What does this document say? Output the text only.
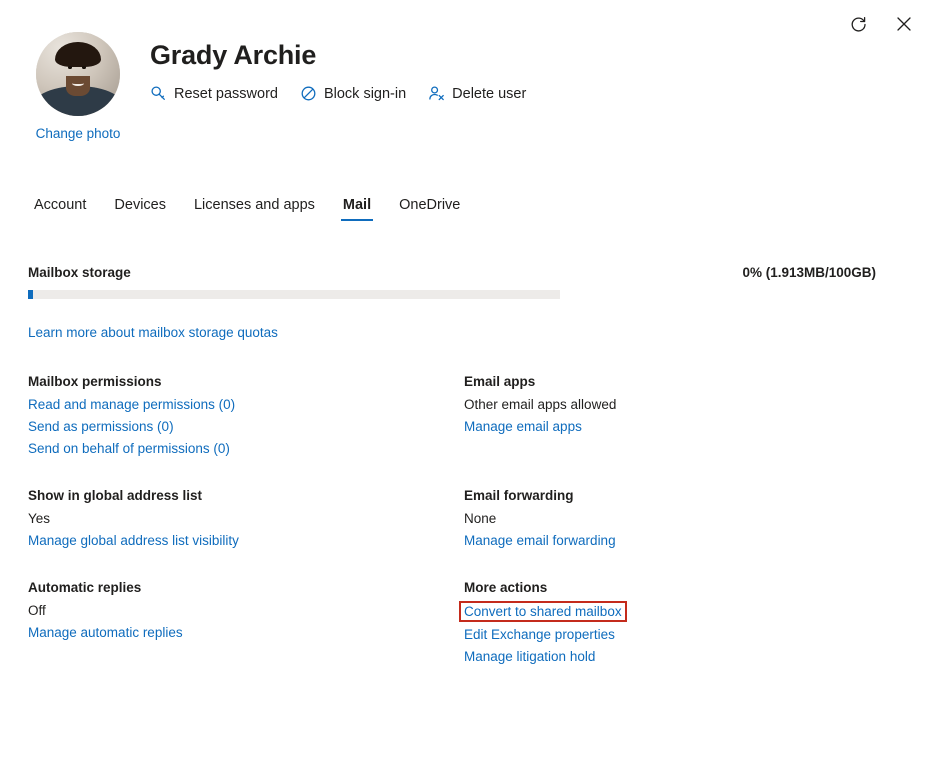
Change photo
Grady Archie
Reset password	Block sign-in	Delete user
Account	Devices	Licenses and apps	Mail	OneDrive
Mailbox storage	0% (1.913MB/100GB)
Learn more about mailbox storage quotas
Mailbox permissions
Read and manage permissions (0)
Send as permissions (0)
Send on behalf of permissions (0)
Email apps
Other email apps allowed
Manage email apps
Show in global address list
Yes
Manage global address list visibility
Email forwarding
None
Manage email forwarding
Automatic replies
Off
Manage automatic replies
More actions
Convert to shared mailbox
Edit Exchange properties
Manage litigation hold
